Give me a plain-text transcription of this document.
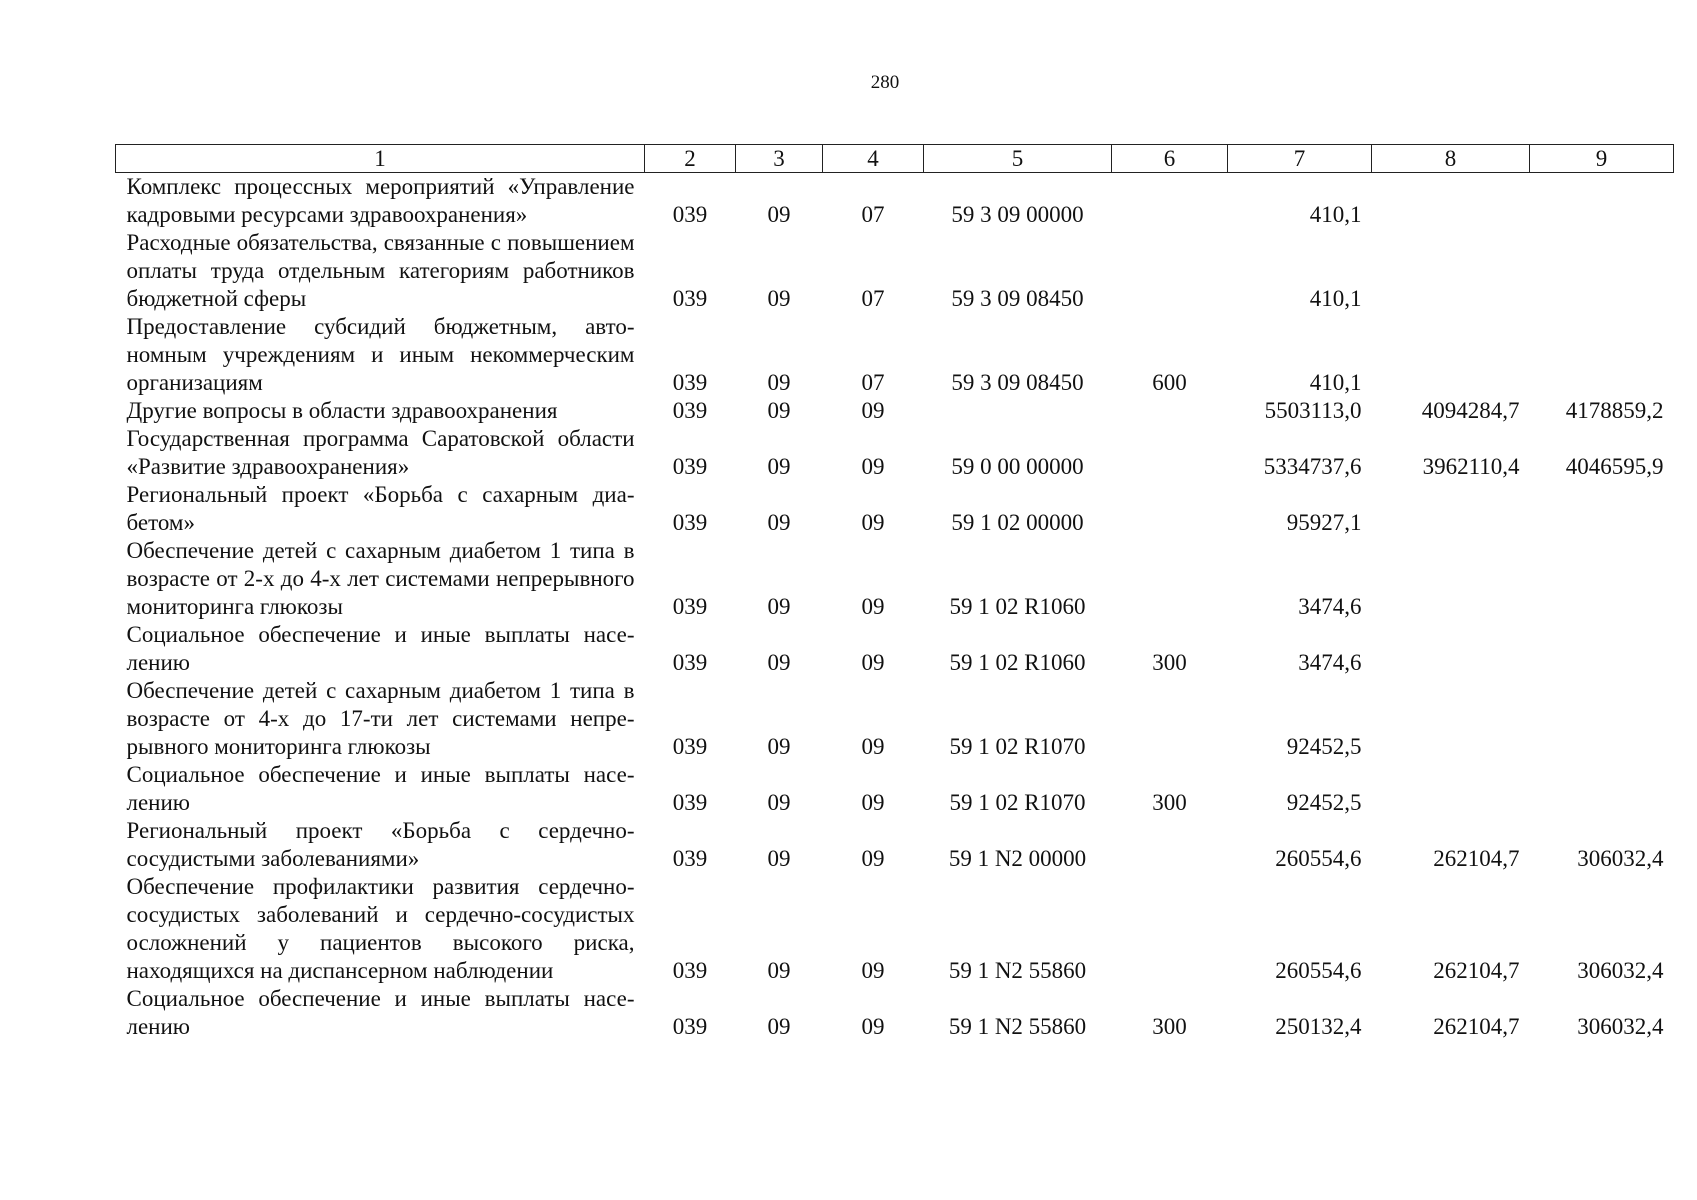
280
1	2	3	4	5	6	7	8	9
Комплекс процессных мероприятий «Управление кадровыми ресурсами здравоохранения»	039	09	07	59 3 09 00000		410,1		
Расходные обязательства, связанные с повышением оплаты труда отдельным категориям работников бюджетной сферы	039	09	07	59 3 09 08450		410,1		
Предоставление субсидий бюджетным, автономным учреждениям и иным некоммерческим организациям	039	09	07	59 3 09 08450	600	410,1		
Другие вопросы в области здравоохранения	039	09	09			5503113,0	4094284,7	4178859,2
Государственная программа Саратовской области «Развитие здравоохранения»	039	09	09	59 0 00 00000		5334737,6	3962110,4	4046595,9
Региональный проект «Борьба с сахарным диабетом»	039	09	09	59 1 02 00000		95927,1		
Обеспечение детей с сахарным диабетом 1 типа в возрасте от 2-х до 4-х лет системами непрерывного мониторинга глюкозы	039	09	09	59 1 02 R1060		3474,6		
Социальное обеспечение и иные выплаты населению	039	09	09	59 1 02 R1060	300	3474,6		
Обеспечение детей с сахарным диабетом 1 типа в возрасте от 4-х до 17-ти лет системами непрерывного мониторинга глюкозы	039	09	09	59 1 02 R1070		92452,5		
Социальное обеспечение и иные выплаты населению	039	09	09	59 1 02 R1070	300	92452,5		
Региональный проект «Борьба с сердечно-сосудистыми заболеваниями»	039	09	09	59 1 N2 00000		260554,6	262104,7	306032,4
Обеспечение профилактики развития сердечно-сосудистых заболеваний и сердечно-сосудистых осложнений у пациентов высокого риска, находящихся на диспансерном наблюдении	039	09	09	59 1 N2 55860		260554,6	262104,7	306032,4
Социальное обеспечение и иные выплаты населению	039	09	09	59 1 N2 55860	300	250132,4	262104,7	306032,4
